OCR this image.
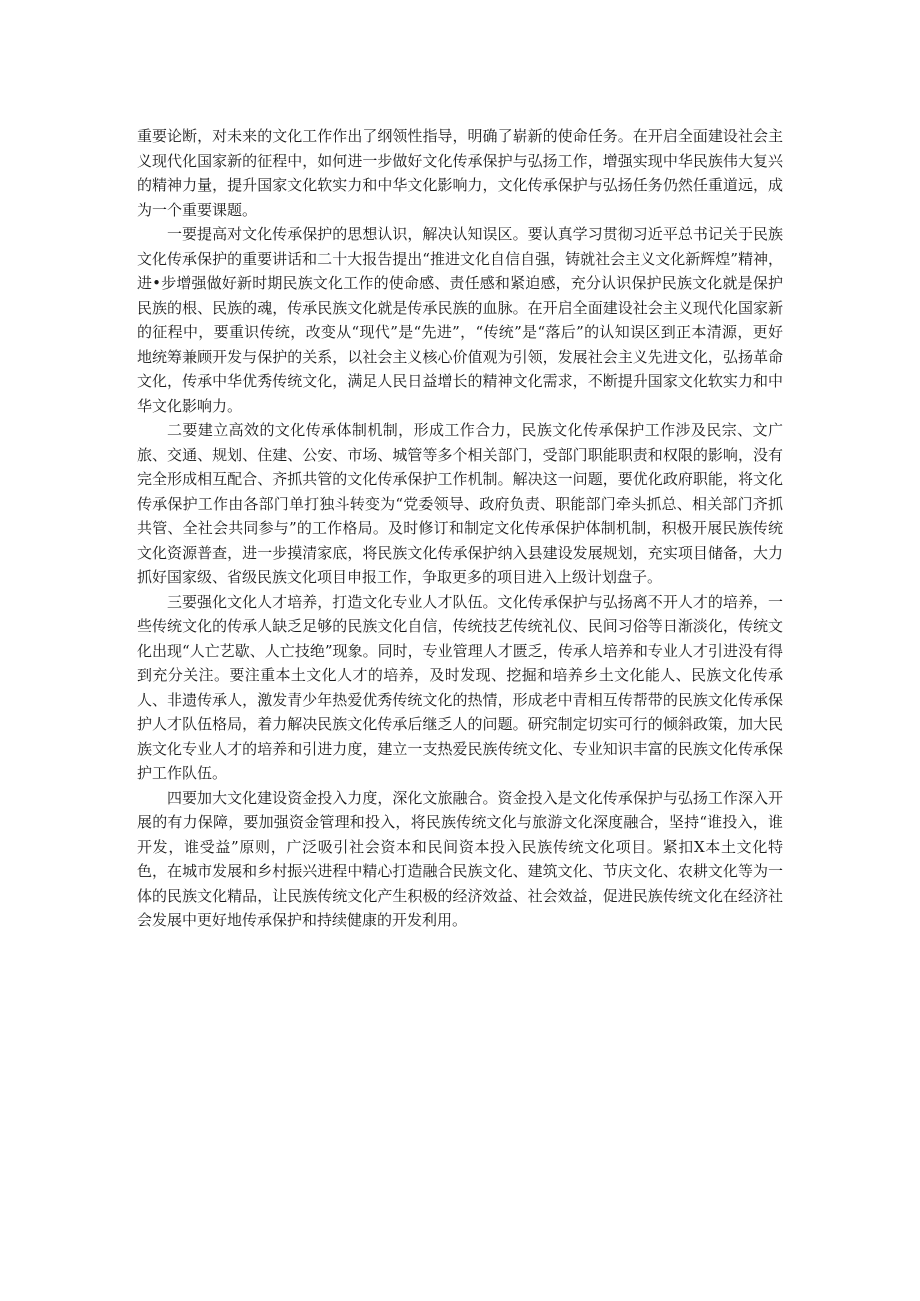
重要论断，对未来的文化工作作出了纲领性指导，明确了崭新的使命任务。在开启全面建设社会主义现代化国家新的征程中，如何进一步做好文化传承保护与弘扬工作，增强实现中华民族伟大复兴的精神力量，提升国家文化软实力和中华文化影响力，文化传承保护与弘扬任务仍然任重道远，成为一个重要课题。

一要提高对文化传承保护的思想认识，解决认知误区。要认真学习贯彻习近平总书记关于民族文化传承保护的重要讲话和二十大报告提出“推进文化自信自强，铸就社会主义文化新辉煌”精神，进•步增强做好新时期民族文化工作的使命感、责任感和紧迫感，充分认识保护民族文化就是保护民族的根、民族的魂，传承民族文化就是传承民族的血脉。在开启全面建设社会主义现代化国家新的征程中，要重识传统，改变从“现代”是“先进”，“传统”是“落后”的认知误区到正本清源，更好地统筹兼顾开发与保护的关系，以社会主义核心价值观为引领，发展社会主义先进文化，弘扬革命文化，传承中华优秀传统文化，满足人民日益增长的精神文化需求，不断提升国家文化软实力和中华文化影响力。

二要建立高效的文化传承体制机制，形成工作合力，民族文化传承保护工作涉及民宗、文广旅、交通、规划、住建、公安、市场、城管等多个相关部门，受部门职能职责和权限的影响，没有完全形成相互配合、齐抓共管的文化传承保护工作机制。解决这一问题，要优化政府职能，将文化传承保护工作由各部门单打独斗转变为“党委领导、政府负责、职能部门牵头抓总、相关部门齐抓共管、全社会共同参与”的工作格局。及时修订和制定文化传承保护体制机制，积极开展民族传统文化资源普查，进一步摸清家底，将民族文化传承保护纳入县建设发展规划，充实项目储备，大力抓好国家级、省级民族文化项目申报工作，争取更多的项目进入上级计划盘子。

三要强化文化人才培养，打造文化专业人才队伍。文化传承保护与弘扬离不开人才的培养，一些传统文化的传承人缺乏足够的民族文化自信，传统技艺传统礼仪、民间习俗等日渐淡化，传统文化出现“人亡艺歇、人亡技绝”现象。同时，专业管理人才匮乏，传承人培养和专业人才引进没有得到充分关注。要注重本土文化人才的培养，及时发现、挖掘和培养乡土文化能人、民族文化传承人、非遗传承人，激发青少年热爱优秀传统文化的热情，形成老中青相互传帮带的民族文化传承保护人才队伍格局，着力解决民族文化传承后继乏人的问题。研究制定切实可行的倾斜政策，加大民族文化专业人才的培养和引进力度，建立一支热爱民族传统文化、专业知识丰富的民族文化传承保护工作队伍。

四要加大文化建设资金投入力度，深化文旅融合。资金投入是文化传承保护与弘扬工作深入开展的有力保障，要加强资金管理和投入，将民族传统文化与旅游文化深度融合，坚持“谁投入，谁开发，谁受益”原则，广泛吸引社会资本和民间资本投入民族传统文化项目。紧扣X本土文化特色，在城市发展和乡村振兴进程中精心打造融合民族文化、建筑文化、节庆文化、农耕文化等为一体的民族文化精品，让民族传统文化产生积极的经济效益、社会效益，促进民族传统文化在经济社会发展中更好地传承保护和持续健康的开发利用。
